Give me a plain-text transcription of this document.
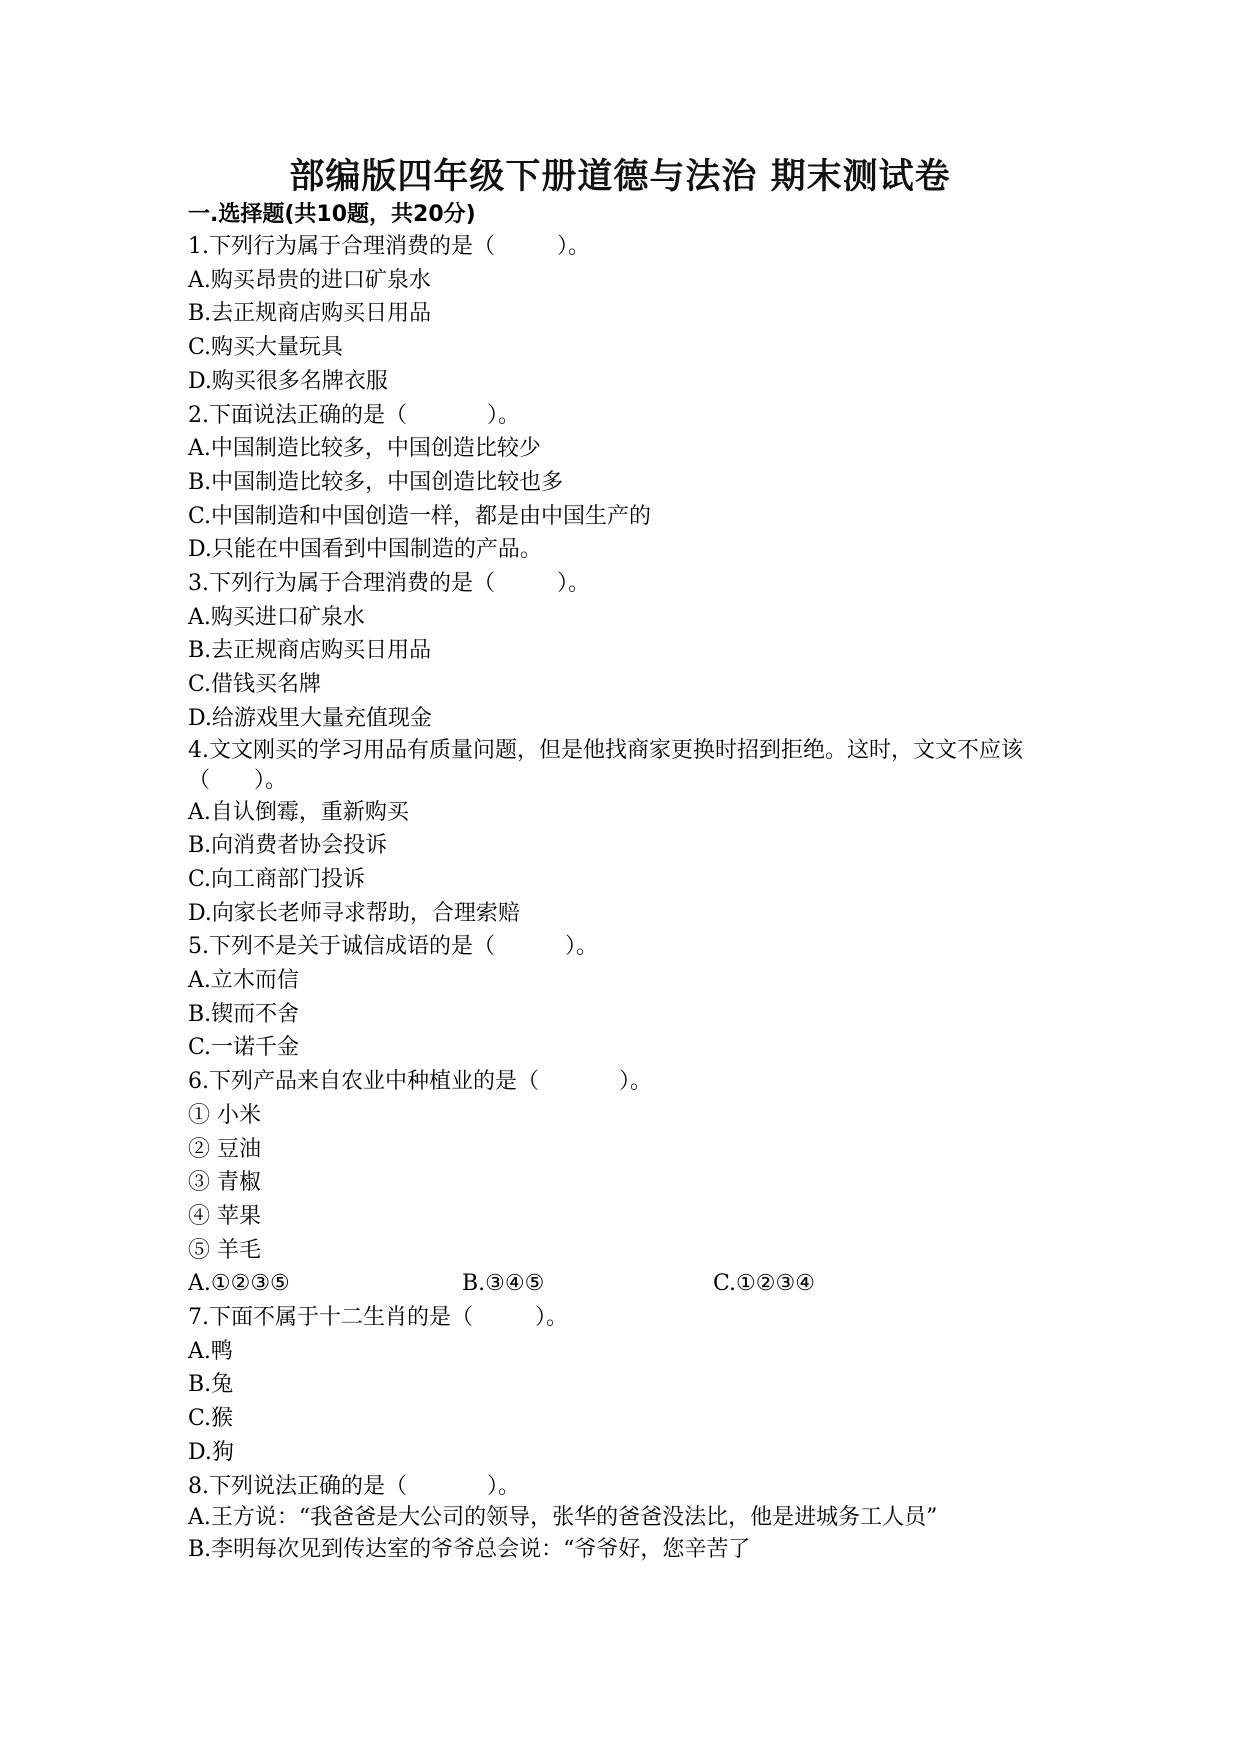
部编版四年级下册道德与法治 期末测试卷
一.选择题(共10题，共20分)
1.下列行为属于合理消费的是（	）。
A.购买昂贵的进口矿泉水
B.去正规商店购买日用品
C.购买大量玩具
D.购买很多名牌衣服
2.下面说法正确的是（	）。
A.中国制造比较多，中国创造比较少
B.中国制造比较多，中国创造比较也多
C.中国制造和中国创造一样，都是由中国生产的
D.只能在中国看到中国制造的产品。
3.下列行为属于合理消费的是（	）。
A.购买进口矿泉水
B.去正规商店购买日用品
C.借钱买名牌
D.给游戏里大量充值现金
4.文文刚买的学习用品有质量问题，但是他找商家更换时招到拒绝。这时，文文不应该（　　）。
A.自认倒霉，重新购买
B.向消费者协会投诉
C.向工商部门投诉
D.向家长老师寻求帮助，合理索赔
5.下列不是关于诚信成语的是（	）。
A.立木而信
B.锲而不舍
C.一诺千金
6.下列产品来自农业中种植业的是（	）。
① 小米
② 豆油
③ 青椒
④ 苹果
⑤ 羊毛
A.①②③⑤	B.③④⑤	C.①②③④
7.下面不属于十二生肖的是（	）。
A.鸭
B.兔
C.猴
D.狗
8.下列说法正确的是（	）。
A.王方说：“我爸爸是大公司的领导，张华的爸爸没法比，他是进城务工人员”
B.李明每次见到传达室的爷爷总会说：“爷爷好，您辛苦了
